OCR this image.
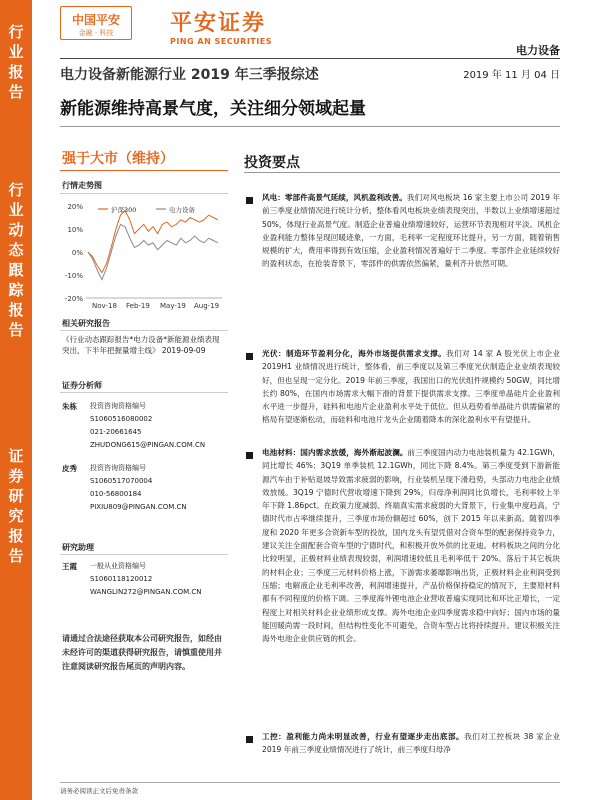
行
业
报
告
行
业
动
态
跟
踪
报
告
证
券
研
究
报
告
中国平安
金融 · 科技	平安证券
PING AN SECURITIES
电力设备
电力设备新能源行业 2019 年三季报综述	2019 年 11 月 04 日
新能源维持高景气度，关注细分领域起量
强于大市（维持）
行情走势图
20%
10%
0%
-10%
-20%
Nov-18 Feb-19 May-19 Aug-19
沪深300	电力设备
相关研究报告
《行业动态跟踪报告*电力设备*新能源业绩表现突出，下半年把握量增主线》 2019-09-09
证券分析师
朱栋 投资咨询资格编号
S1060516080002
021-20661645
ZHUDONG615@PINGAN.COM.CN
皮秀 投资咨询资格编号
S1060517070004
010-56800184
PIXIU809@PINGAN.COM.CN
研究助理
王霞 一般从业资格编号
S1060118120012
WANGLIN272@PINGAN.COM.CN
请通过合法途径获取本公司研究报告，如经由未经许可的渠道获得研究报告，请慎重使用并注意阅读研究报告尾页的声明内容。
投资要点
风电：零部件高景气延续，风机盈利改善。我们对风电板块 16 家主要上市公司 2019 年前三季度业绩情况进行统计分析，整体看风电板块业绩表现突出，半数以上业绩增速超过 50%，体现行业高景气度。制造企业普遍业绩增速较好，运营环节表现相对平淡。风机企业盈利能力整体呈现回暖迹象，一方面，毛利率一定程度环比提升，另一方面，随着销售规模的扩大，费用率得到有效压缩，企业盈利情况普遍好于二季度。零部件企业延续较好的盈利状态，在抢装背景下，零部件的供需依然偏紧，量利齐升依然可期。
光伏：制造环节盈利分化，海外市场提供需求支撑。我们对 14 家 A 股光伏上市企业 2019H1 业绩情况进行统计，整体看，前三季度以及第三季度光伏制造企业业绩表现较好，但也呈现一定分化。2019 年前三季度，我国出口的光伏组件规模约 50GW，同比增长约 80%，在国内市场需求大幅下滑的背景下提供需求支撑。三季度单晶硅片企业盈利水平进一步提升，硅料和电池片企业盈利水平处于低位。但从趋势看单晶硅片供需偏紧的格局有望逐渐松动，而硅料和电池片龙头企业随着降本的深化盈利水平有望提升。
电池材料：国内需求放缓，海外渐起波澜。前三季度国内动力电池装机量为 42.1GWh，同比增长 46%；3Q19 单季装机 12.1GWh，同比下降 8.4%。第三季度受到下游新能源汽车由于补贴退坡导致需求疲弱的影响，行业装机呈现下滑趋势，头部动力电池企业绩效放缓。3Q19 宁德时代营收增速下降到 29%，归母净利润同比负增长，毛利率较上半年下降 1.86pct。在政策力度减弱、终端真实需求疲弱的大背景下，行业集中度趋高，宁德时代市占率继续提升，三季度市场份额超过 60%，创下 2015 年以来新高。随着四季度和 2020 年更多合资新车型的投放，国内龙头有望凭借对合资车型的配套保持竞争力，建议关注全面配套合资车型的宁德时代，和积极开放外供的比亚迪。材料板块之间的分化比较明显，正极材料业绩表现较弱，利润增速较低且毛利率低于 20%。落后于其它板块的材料企业；三季度三元材料价格上涨，下游需求萎靡影响出货，正极材料企业利润受到压缩；电解液企业毛利率改善，利润增速提升，产品价格保持稳定的情况下，主要原材料都有不同程度的价格下调。三季度海外锂电池企业营收普遍实现同比和环比正增长，一定程度上对相关材料企业业绩形成支撑。海外电池企业四季度需求稳中向好；国内市场的量能回暖尚需一段时间，但结构性变化不可避免，合资车型占比将持续提升。建议积极关注海外电池企业供应链的机会。
工控：盈利能力尚未明显改善，行业有望逐步走出底部。我们对工控板块 38 家企业 2019 年前三季度业绩情况进行了统计，前三季度归母净
请务必阅读正文后免责条款
